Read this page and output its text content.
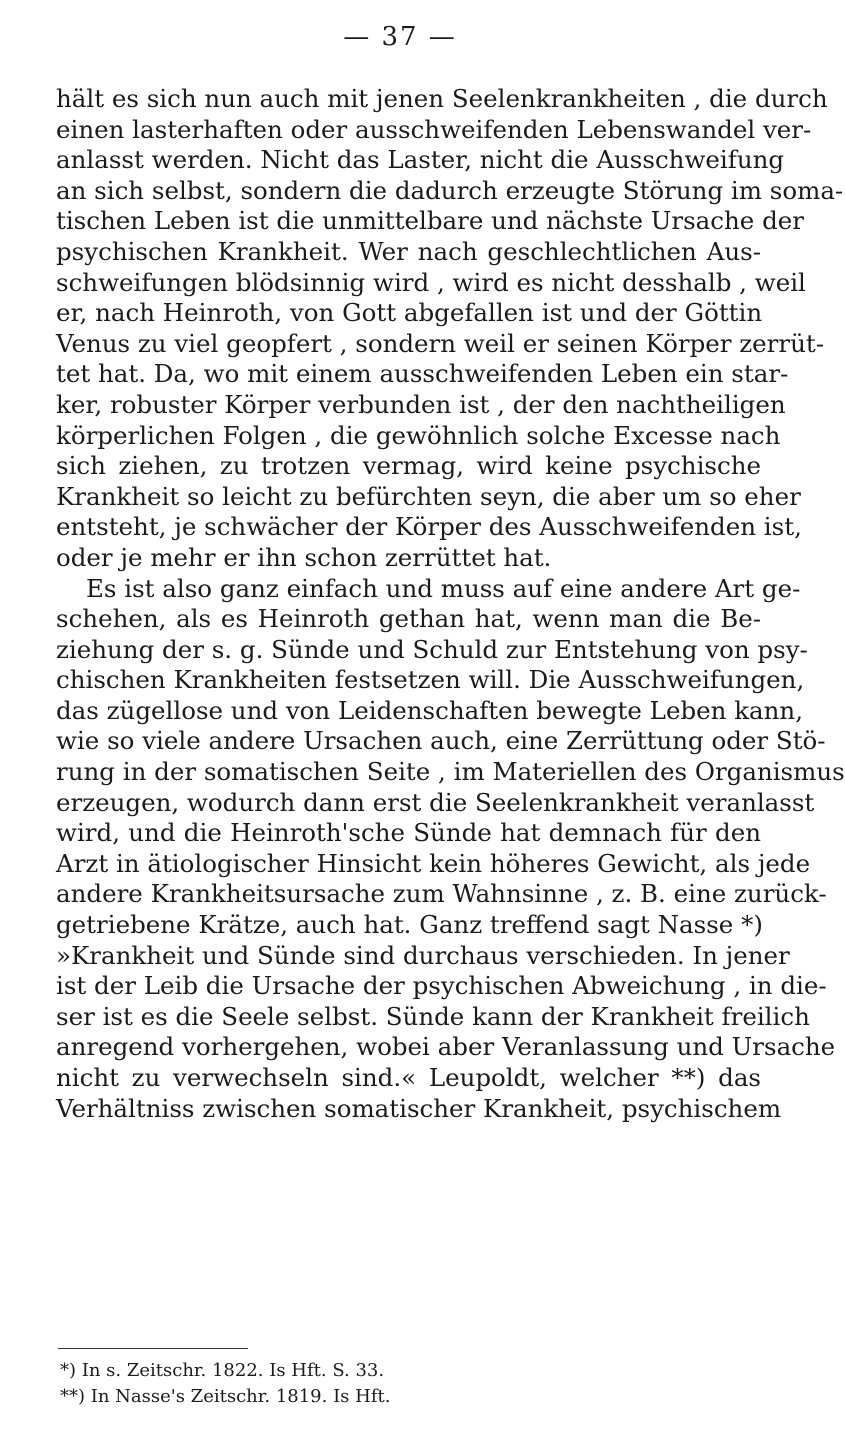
— 37 —
hält es sich nun auch mit jenen Seelenkrankheiten , die durch
einen lasterhaften oder ausschweifenden Lebenswandel ver-
anlasst werden. Nicht das Laster, nicht die Ausschweifung
an sich selbst, sondern die dadurch erzeugte Störung im soma-
tischen Leben ist die unmittelbare und nächste Ursache der
psychischen Krankheit. Wer nach geschlechtlichen Aus-
schweifungen blödsinnig wird , wird es nicht desshalb , weil
er, nach Heinroth, von Gott abgefallen ist und der Göttin
Venus zu viel geopfert , sondern weil er seinen Körper zerrüt-
tet hat. Da, wo mit einem ausschweifenden Leben ein star-
ker, robuster Körper verbunden ist , der den nachtheiligen
körperlichen Folgen , die gewöhnlich solche Excesse nach
sich ziehen, zu trotzen vermag, wird keine psychische
Krankheit so leicht zu befürchten seyn, die aber um so eher
entsteht, je schwächer der Körper des Ausschweifenden ist,
oder je mehr er ihn schon zerrüttet hat.
Es ist also ganz einfach und muss auf eine andere Art ge-
schehen, als es Heinroth gethan hat, wenn man die Be-
ziehung der s. g. Sünde und Schuld zur Entstehung von psy-
chischen Krankheiten festsetzen will. Die Ausschweifungen,
das zügellose und von Leidenschaften bewegte Leben kann,
wie so viele andere Ursachen auch, eine Zerrüttung oder Stö-
rung in der somatischen Seite , im Materiellen des Organismus
erzeugen, wodurch dann erst die Seelenkrankheit veranlasst
wird, und die Heinroth'sche Sünde hat demnach für den
Arzt in ätiologischer Hinsicht kein höheres Gewicht, als jede
andere Krankheitsursache zum Wahnsinne , z. B. eine zurück-
getriebene Krätze, auch hat. Ganz treffend sagt Nasse *)
»Krankheit und Sünde sind durchaus verschieden. In jener
ist der Leib die Ursache der psychischen Abweichung , in die-
ser ist es die Seele selbst. Sünde kann der Krankheit freilich
anregend vorhergehen, wobei aber Veranlassung und Ursache
nicht zu verwechseln sind.« Leupoldt, welcher **) das
Verhältniss zwischen somatischer Krankheit, psychischem
*) In s. Zeitschr. 1822. Is Hft. S. 33.
**) In Nasse's Zeitschr. 1819. Is Hft.
